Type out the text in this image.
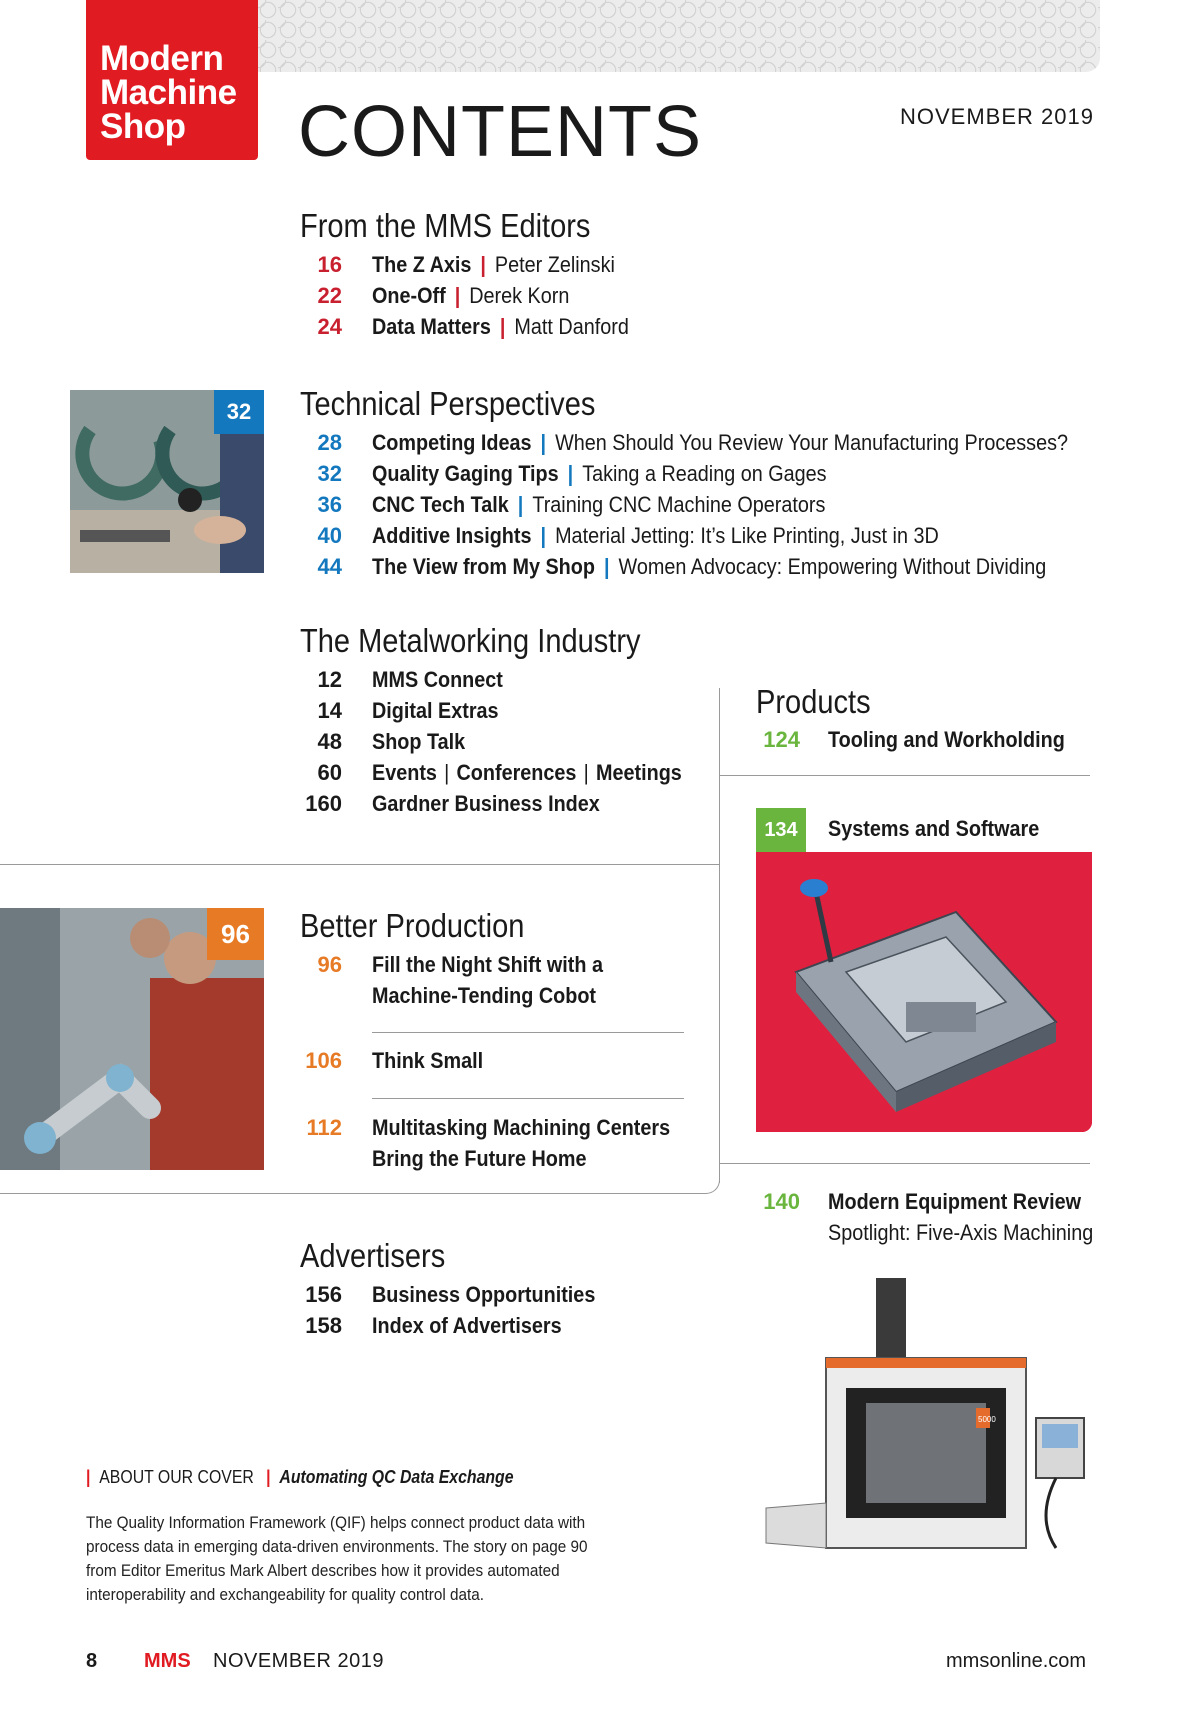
Modern
Machine
Shop CONTENTS	NOVEMBER 2019
From the MMS Editors
16 The Z Axis | Peter Zelinski
22 One-Off | Derek Korn
24 Data Matters | Matt Danford
32	Technical Perspectives
28 Competing Ideas | When Should You Review Your Manufacturing Processes?
32 Quality Gaging Tips | Taking a Reading on Gages
36 CNC Tech Talk | Training CNC Machine Operators
40 Additive Insights | Material Jetting: It’s Like Printing, Just in 3D
44 The View from My Shop | Women Advocacy: Empowering Without Dividing
The Metalworking Industry
12 MMS Connect
14 Digital Extras
48 Shop Talk
60 Events | Conferences | Meetings
160 Gardner Business Index
Products
124 Tooling and Workholding
134	Systems and Software
140 Modern Equipment Review
Spotlight: Five-Axis Machining
5000
96	Better Production
96 Fill the Night Shift with a
Machine-Tending Cobot
106 Think Small
112 Multitasking Machining Centers
Bring the Future Home
Advertisers
156 Business Opportunities
158 Index of Advertisers
| ABOUT OUR COVER | Automating QC Data Exchange
The Quality Information Framework (QIF) helps connect product data with process data in emerging data-driven environments. The story on page 90 from Editor Emeritus Mark Albert describes how it provides automated interoperability and exchangeability for quality control data.
8 MMS NOVEMBER 2019	mmsonline.com
